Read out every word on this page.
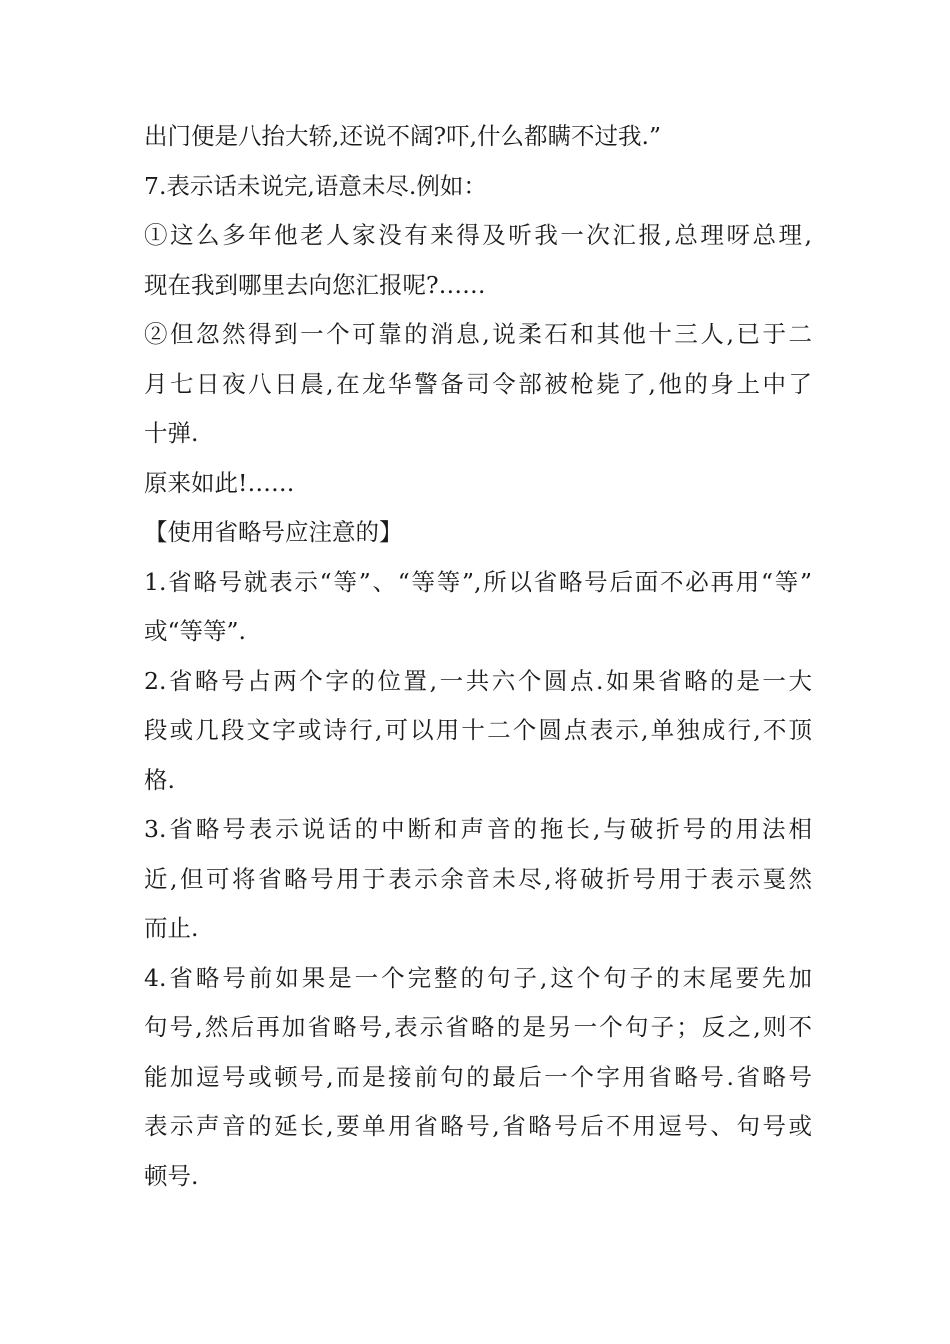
出门便是八抬大轿,还说不阔?吓,什么都瞒不过我.”
7.表示话未说完,语意未尽.例如：
①这么多年他老人家没有来得及听我一次汇报,总理呀总理,
现在我到哪里去向您汇报呢?……
②但忽然得到一个可靠的消息,说柔石和其他十三人,已于二
月七日夜八日晨,在龙华警备司令部被枪毙了,他的身上中了
十弹.
原来如此!……
【使用省略号应注意的】
1.省略号就表示“等”、“等等”,所以省略号后面不必再用“等”
或“等等”.
2.省略号占两个字的位置,一共六个圆点.如果省略的是一大
段或几段文字或诗行,可以用十二个圆点表示,单独成行,不顶
格.
3.省略号表示说话的中断和声音的拖长,与破折号的用法相
近,但可将省略号用于表示余音未尽,将破折号用于表示戛然
而止.
4.省略号前如果是一个完整的句子,这个句子的末尾要先加
句号,然后再加省略号,表示省略的是另一个句子；反之,则不
能加逗号或顿号,而是接前句的最后一个字用省略号.省略号
表示声音的延长,要单用省略号,省略号后不用逗号、句号或
顿号.
